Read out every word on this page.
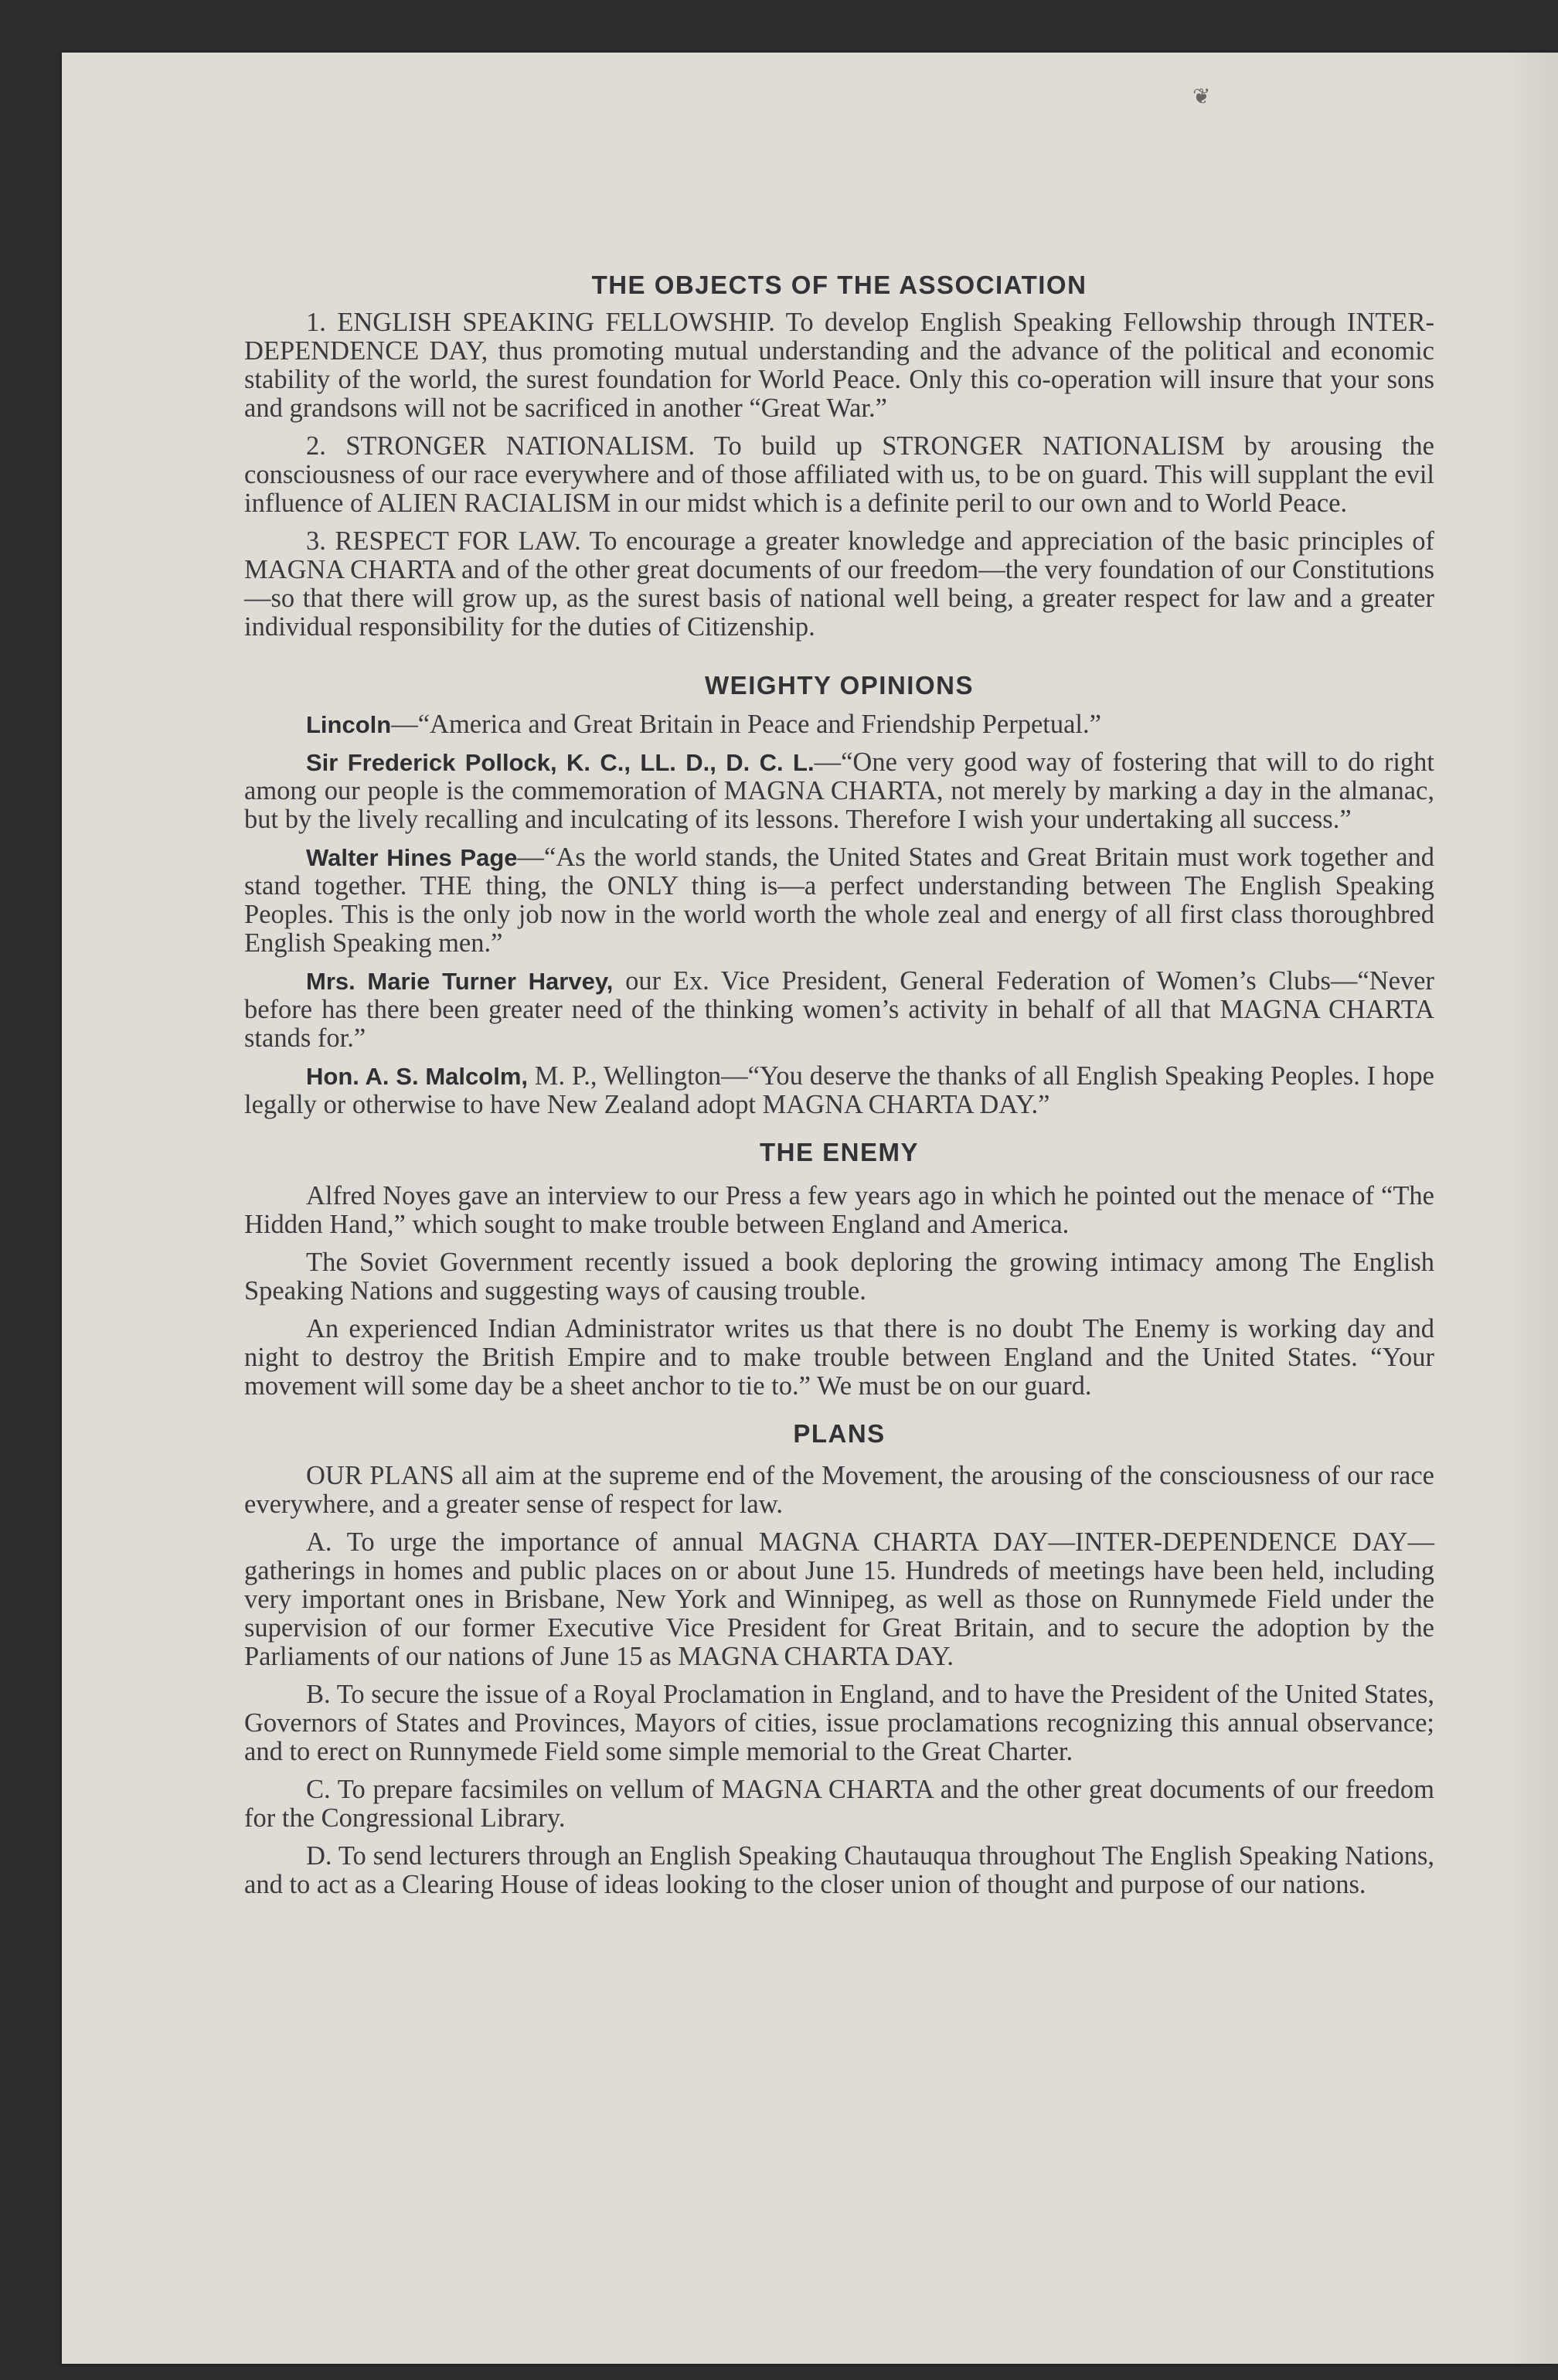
❦
THE OBJECTS OF THE ASSOCIATION

1. ENGLISH SPEAKING FELLOWSHIP. To develop English Speaking Fellowship through INTER-DEPENDENCE DAY, thus promoting mutual understanding and the advance of the political and economic stability of the world, the surest foundation for World Peace. Only this co-operation will insure that your sons and grandsons will not be sacrificed in another “Great War.”

2. STRONGER NATIONALISM. To build up STRONGER NATIONALISM by arousing the consciousness of our race everywhere and of those affiliated with us, to be on guard. This will supplant the evil influence of ALIEN RACIALISM in our midst which is a definite peril to our own and to World Peace.

3. RESPECT FOR LAW. To encourage a greater knowledge and appreciation of the basic principles of MAGNA CHARTA and of the other great documents of our freedom—the very foundation of our Constitutions—so that there will grow up, as the surest basis of national well being, a greater respect for law and a greater individual responsibility for the duties of Citizenship.

WEIGHTY OPINIONS

Lincoln—“America and Great Britain in Peace and Friendship Perpetual.”

Sir Frederick Pollock, K. C., LL. D., D. C. L.—“One very good way of fostering that will to do right among our people is the commemoration of MAGNA CHARTA, not merely by marking a day in the almanac, but by the lively recalling and inculcating of its lessons. Therefore I wish your undertaking all success.”

Walter Hines Page—“As the world stands, the United States and Great Britain must work together and stand together. THE thing, the ONLY thing is—a perfect understanding between The English Speaking Peoples. This is the only job now in the world worth the whole zeal and energy of all first class thoroughbred English Speaking men.”

Mrs. Marie Turner Harvey, our Ex. Vice President, General Federation of Women’s Clubs—“Never before has there been greater need of the thinking women’s activity in behalf of all that MAGNA CHARTA stands for.”

Hon. A. S. Malcolm, M. P., Wellington—“You deserve the thanks of all English Speaking Peoples. I hope legally or otherwise to have New Zealand adopt MAGNA CHARTA DAY.”

THE ENEMY

Alfred Noyes gave an interview to our Press a few years ago in which he pointed out the menace of “The Hidden Hand,” which sought to make trouble between England and America.

The Soviet Government recently issued a book deploring the growing intimacy among The English Speaking Nations and suggesting ways of causing trouble.

An experienced Indian Administrator writes us that there is no doubt The Enemy is working day and night to destroy the British Empire and to make trouble between England and the United States. “Your movement will some day be a sheet anchor to tie to.” We must be on our guard.

PLANS

OUR PLANS all aim at the supreme end of the Movement, the arousing of the consciousness of our race everywhere, and a greater sense of respect for law.

A. To urge the importance of annual MAGNA CHARTA DAY—INTER-DEPENDENCE DAY—gatherings in homes and public places on or about June 15. Hundreds of meetings have been held, including very important ones in Brisbane, New York and Winnipeg, as well as those on Runnymede Field under the supervision of our former Executive Vice President for Great Britain, and to secure the adoption by the Parliaments of our nations of June 15 as MAGNA CHARTA DAY.

B. To secure the issue of a Royal Proclamation in England, and to have the President of the United States, Governors of States and Provinces, Mayors of cities, issue proclamations recognizing this annual observance; and to erect on Runnymede Field some simple memorial to the Great Charter.

C. To prepare facsimiles on vellum of MAGNA CHARTA and the other great documents of our freedom for the Congressional Library.

D. To send lecturers through an English Speaking Chautauqua throughout The English Speaking Nations, and to act as a Clearing House of ideas looking to the closer union of thought and purpose of our nations.
